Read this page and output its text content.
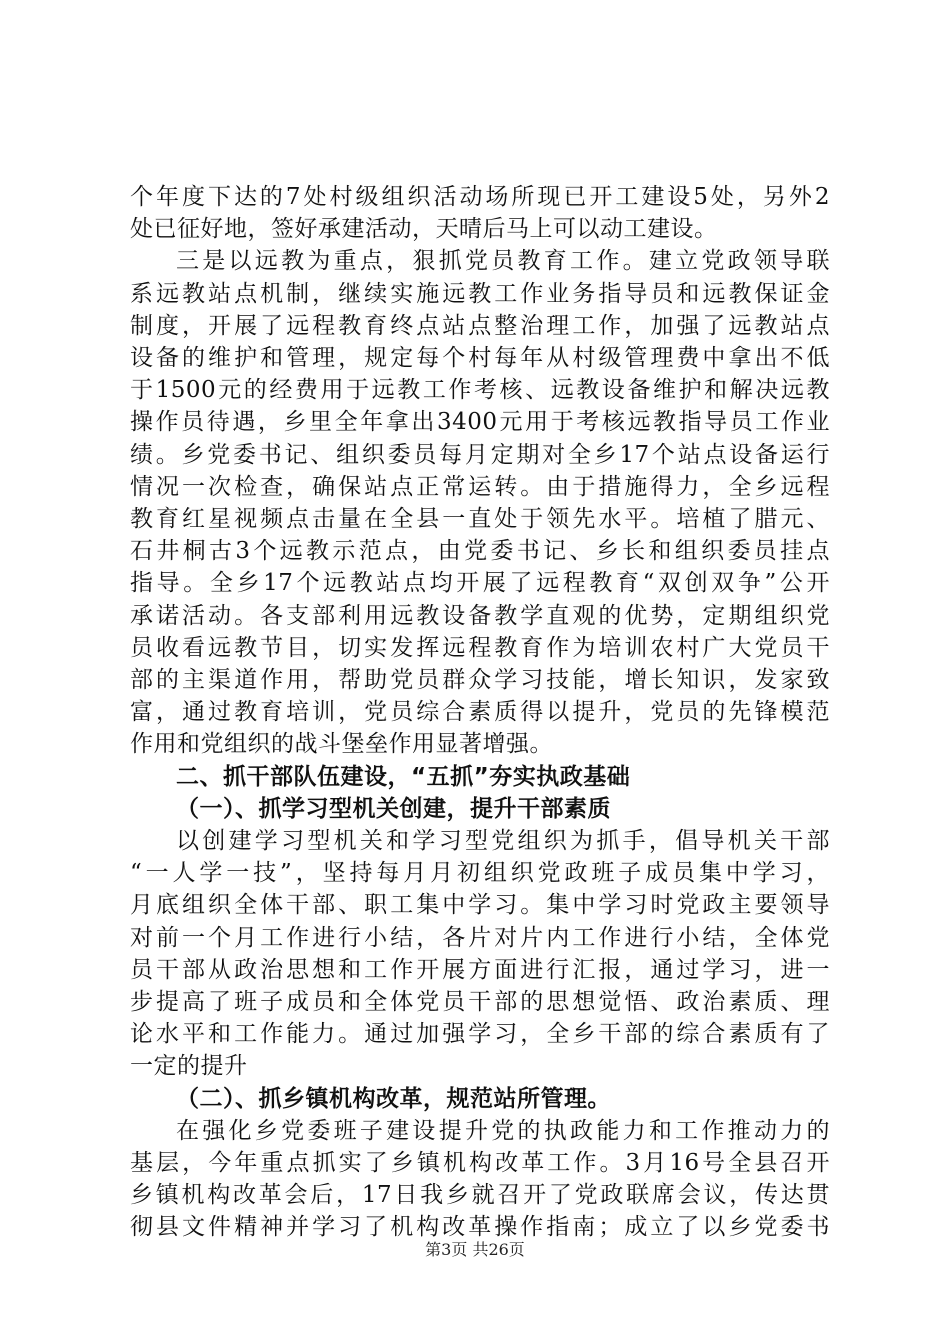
个年度下达的7处村级组织活动场所现已开工建设5处，另外2
处已征好地，签好承建活动，天晴后马上可以动工建设。
三是以远教为重点，狠抓党员教育工作。建立党政领导联
系远教站点机制，继续实施远教工作业务指导员和远教保证金
制度，开展了远程教育终点站点整治理工作，加强了远教站点
设备的维护和管理，规定每个村每年从村级管理费中拿出不低
于1500元的经费用于远教工作考核、远教设备维护和解决远教
操作员待遇，乡里全年拿出3400元用于考核远教指导员工作业
绩。乡党委书记、组织委员每月定期对全乡17个站点设备运行
情况一次检查，确保站点正常运转。由于措施得力，全乡远程
教育红星视频点击量在全县一直处于领先水平。培植了腊元、
石井桐古3个远教示范点，由党委书记、乡长和组织委员挂点
指导。全乡17个远教站点均开展了远程教育“双创双争”公开
承诺活动。各支部利用远教设备教学直观的优势，定期组织党
员收看远教节目，切实发挥远程教育作为培训农村广大党员干
部的主渠道作用，帮助党员群众学习技能，增长知识，发家致
富，通过教育培训，党员综合素质得以提升，党员的先锋模范
作用和党组织的战斗堡垒作用显著增强。
二、抓干部队伍建设，“五抓”夯实执政基础
（一）、抓学习型机关创建，提升干部素质
以创建学习型机关和学习型党组织为抓手，倡导机关干部
“一人学一技”，坚持每月月初组织党政班子成员集中学习，
月底组织全体干部、职工集中学习。集中学习时党政主要领导
对前一个月工作进行小结，各片对片内工作进行小结，全体党
员干部从政治思想和工作开展方面进行汇报，通过学习，进一
步提高了班子成员和全体党员干部的思想觉悟、政治素质、理
论水平和工作能力。通过加强学习，全乡干部的综合素质有了
一定的提升
（二）、抓乡镇机构改革，规范站所管理。
在强化乡党委班子建设提升党的执政能力和工作推动力的
基层，今年重点抓实了乡镇机构改革工作。3月16号全县召开
乡镇机构改革会后，17日我乡就召开了党政联席会议，传达贯
彻县文件精神并学习了机构改革操作指南；成立了以乡党委书
第3页 共26页
